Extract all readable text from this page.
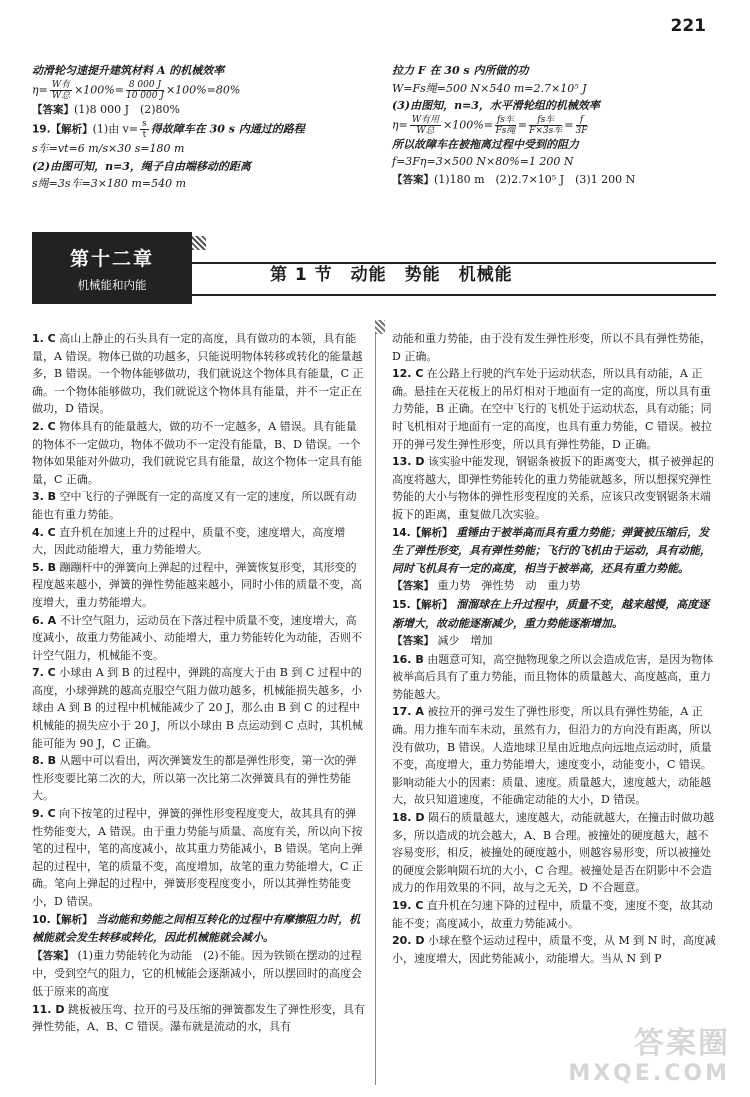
221

动滑轮匀速提升建筑材料 A 的机械效率

η= W有
W总 $\times 100\%= \frac{8 000 J}{10 000 J} \times 100\%=80\%$

【答案】(1)8 000 J　(2)80%

19.【解析】(1)由 $v= \frac{s}{t}$ 得故障车在 30 s 内通过的路程

s车=vt=6 m/s×30 s=180 m

(2)由图可知，n=3，绳子自由端移动的距离

s绳=3s车=3×180 m=540 m

拉力 F 在 30 s 内所做的功

W=Fs绳=500 N×540 m=2.7×10⁵ J

(3)由图知，n=3，水平滑轮组的机械效率

η= W有用
W总 ×100%= fs车
Fs绳 =	fs车
F×3s车 = $\frac{f}{3F}$

所以故障车在被拖离过程中受到的阻力

f=3Fη=3×500 N×80%=1 200 N

【答案】(1)180 m　(2)2.7×10⁵ J　(3)1 200 N

第十二章
机械能和内能	第 1 节　动能　势能　机械能

1. C 高山上静止的石头具有一定的高度，具有做功的本领，具有能量，A 错误。物体已做的功越多，只能说明物体转移或转化的能量越多，B 错误。一个物体能够做功，我们就说这个物体具有能量，C 正确。一个物体能够做功，我们就说这个物体具有能量，并不一定正在做功，D 错误。

2. C 物体具有的能量越大，做的功不一定越多，A 错误。具有能量的物体不一定做功，物体不做功不一定没有能量，B、D 错误。一个物体如果能对外做功，我们就说它具有能量，故这个物体一定具有能量，C 正确。

3. B 空中飞行的子弹既有一定的高度又有一定的速度，所以既有动能也有重力势能。

4. C 直升机在加速上升的过程中，质量不变，速度增大，高度增大，因此动能增大，重力势能增大。

5. B 蹦蹦杆中的弹簧向上弹起的过程中，弹簧恢复形变，其形变的程度越来越小，弹簧的弹性势能越来越小，同时小伟的质量不变，高度增大，重力势能增大。

6. A 不计空气阻力，运动员在下落过程中质量不变，速度增大，高度减小，故重力势能减小、动能增大，重力势能转化为动能，否则不计空气阻力，机械能不变。

7. C 小球由 A 到 B 的过程中，弹跳的高度大于由 B 到 C 过程中的高度，小球弹跳的越高克服空气阻力做功越多，机械能损失越多，小球由 A 到 B 的过程中机械能减少了 20 J，那么由 B 到 C 的过程中机械能的损失应小于 20 J，所以小球由 B 点运动到 C 点时，其机械能可能为 90 J，C 正确。

8. B 从题中可以看出，两次弹簧发生的都是弹性形变，第一次的弹性形变要比第二次的大，所以第一次比第二次弹簧具有的弹性势能大。

9. C 向下按笔的过程中，弹簧的弹性形变程度变大，故其具有的弹性势能变大，A 错误。由于重力势能与质量、高度有关，所以向下按笔的过程中，笔的高度减小，故其重力势能减小，B 错误。笔向上弹起的过程中，笔的质量不变，高度增加，故笔的重力势能增大，C 正确。笔向上弹起的过程中，弹簧形变程度变小，所以其弹性势能变小，D 错误。

10.【解析】 当动能和势能之间相互转化的过程中有摩擦阻力时，机械能就会发生转移或转化，因此机械能就会减小。

【答案】 (1)重力势能转化为动能　(2)不能。因为铁锁在摆动的过程中，受到空气的阻力，它的机械能会逐渐减小，所以摆回时的高度会低于原来的高度

11. D 跳板被压弯、拉开的弓及压缩的弹簧都发生了弹性形变，具有弹性势能，A、B、C 错误。瀑布就是流动的水，具有

动能和重力势能，由于没有发生弹性形变，所以不具有弹性势能，D 正确。

12. C 在公路上行驶的汽车处于运动状态，所以具有动能，A 正确。悬挂在天花板上的吊灯相对于地面有一定的高度，所以具有重力势能，B 正确。在空中飞行的飞机处于运动状态，具有动能；同时飞机相对于地面有一定的高度，也具有重力势能，C 错误。被拉开的弹弓发生弹性形变，所以具有弹性势能，D 正确。

13. D 该实验中能发现，钢锯条被扳下的距离变大，棋子被弹起的高度将越大，即弹性势能转化的重力势能就越多，所以想探究弹性势能的大小与物体的弹性形变程度的关系，应该只改变钢锯条末端扳下的距离，重复做几次实验。

14.【解析】 重锤由于被举高而具有重力势能；弹簧被压缩后，发生了弹性形变，具有弹性势能；飞行的飞机由于运动，具有动能，同时飞机具有一定的高度，相当于被举高，还具有重力势能。

【答案】 重力势　弹性势　动　重力势

15.【解析】 溜溜球在上升过程中，质量不变，越来越慢，高度逐渐增大，故动能逐渐减少，重力势能逐渐增加。

【答案】 减少　增加

16. B 由题意可知，高空抛物现象之所以会造成危害，是因为物体被举高后具有了重力势能，而且物体的质量越大、高度越高，重力势能越大。

17. A 被拉开的弹弓发生了弹性形变，所以具有弹性势能，A 正确。用力推车而车未动，虽然有力，但沿力的方向没有距离，所以没有做功，B 错误。人造地球卫星由近地点向远地点运动时，质量不变，高度增大，重力势能增大，速度变小，动能变小，C 错误。影响动能大小的因素：质量、速度。质量越大，速度越大，动能越大，故只知道速度，不能确定动能的大小，D 错误。

18. D 陨石的质量越大，速度越大，动能就越大，在撞击时做功越多，所以造成的坑会越大，A、B 合理。被撞处的硬度越大，越不容易变形，相反，被撞处的硬度越小，则越容易形变，所以被撞处的硬度会影响陨石坑的大小，C 合理。被撞处是否在阴影中不会造成力的作用效果的不同，故与之无关，D 不合题意。

19. C 直升机在匀速下降的过程中，质量不变，速度不变，故其动能不变；高度减小，故重力势能减小。

20. D 小球在整个运动过程中，质量不变，从 M 到 N 时，高度减小，速度增大，因此势能减小，动能增大。当从 N 到 P

答案圈
MXQE.COM
